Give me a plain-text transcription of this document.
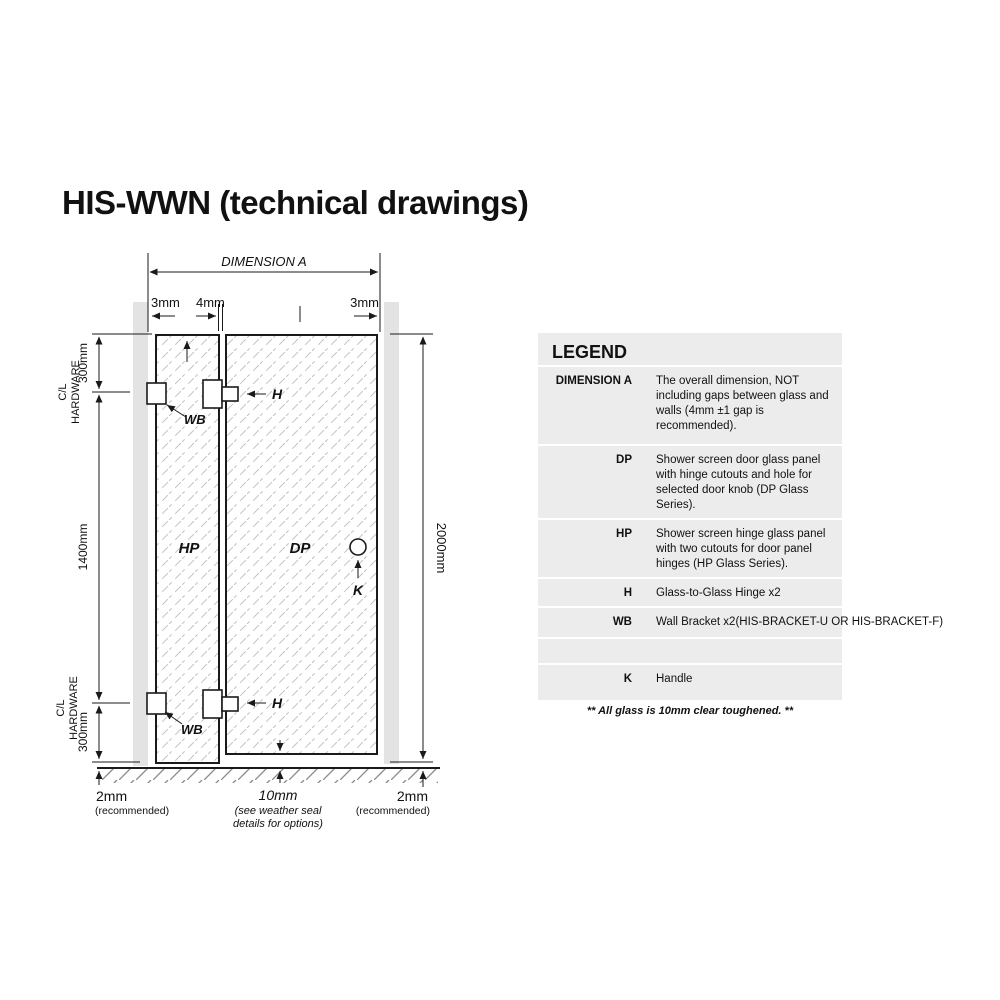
HIS-WWN (technical drawings)
DIMENSION A
3mm 4mm	3mm
300mm
1400mm
300mm
C/L HARDWARE
C/L HARDWARE
2000mm
HP	DP
H
H
WB
WB
K
2mm
(recommended)
10mm
(see weather seal
details for options)
2mm
(recommended)
LEGEND
DIMENSION A	The overall dimension, NOT including gaps between glass and walls (4mm ±1 gap is recommended).
DP	Shower screen door glass panel with hinge cutouts and hole for selected door knob (DP Glass Series).
HP	Shower screen hinge glass panel with two cutouts for door panel hinges (HP Glass Series).
H	Glass-to-Glass Hinge x2
WB	Wall Bracket x2(HIS-BRACKET-U OR HIS-BRACKET-F)
K	Handle
** All glass is 10mm clear toughened. **
